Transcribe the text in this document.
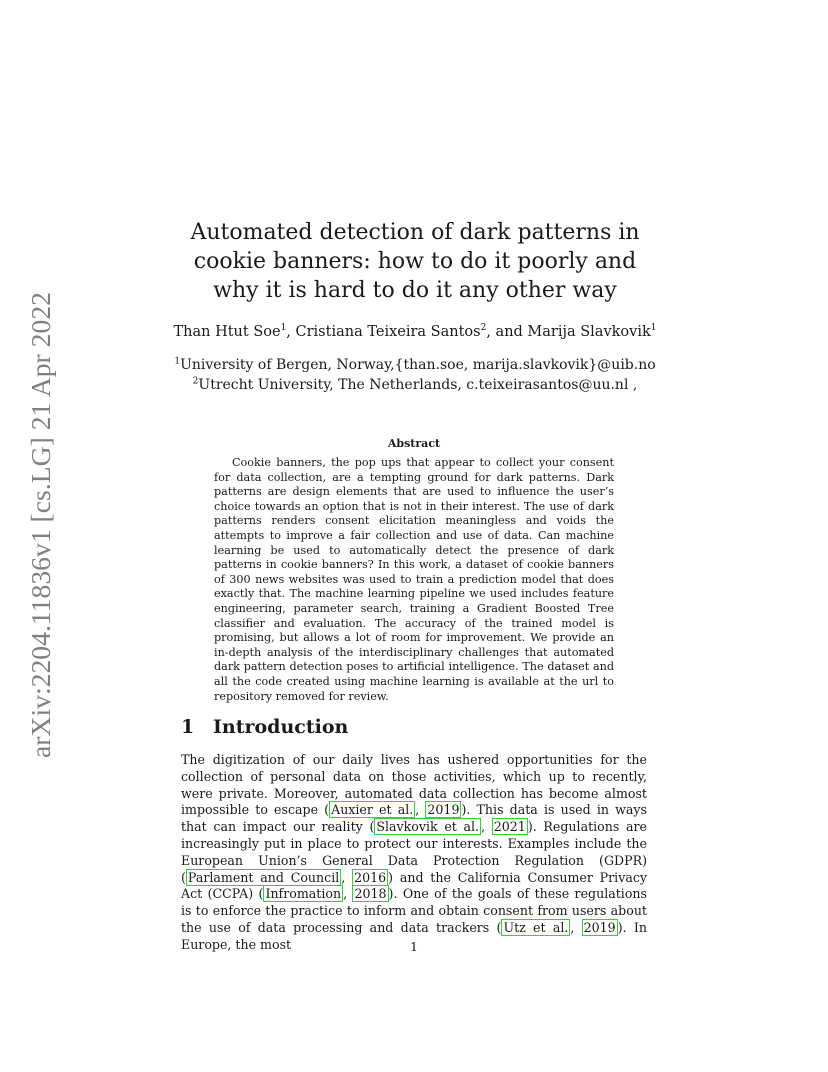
arXiv:2204.11836v1 [cs.LG] 21 Apr 2022
Automated detection of dark patterns in cookie banners: how to do it poorly and why it is hard to do it any other way
Than Htut Soe$^1$, Cristiana Teixeira Santos$^2$, and Marija Slavkovik$^1$
$^1$University of Bergen, Norway,{than.soe, marija.slavkovik}@uib.no
$^2$Utrecht University, The Netherlands, c.teixeirasantos@uu.nl ,
Abstract

Cookie banners, the pop ups that appear to collect your consent for data collection, are a tempting ground for dark patterns. Dark patterns are design elements that are used to influence the user’s choice towards an option that is not in their interest. The use of dark patterns renders consent elicitation meaningless and voids the attempts to improve a fair collection and use of data. Can machine learning be used to automatically detect the presence of dark patterns in cookie banners? In this work, a dataset of cookie banners of 300 news websites was used to train a prediction model that does exactly that. The machine learning pipeline we used includes feature engineering, parameter search, training a Gradient Boosted Tree classifier and evaluation. The accuracy of the trained model is promising, but allows a lot of room for improvement. We provide an in-depth analysis of the interdisciplinary challenges that automated dark pattern detection poses to artificial intelligence. The dataset and all the code created using machine learning is available at the url to repository removed for review.

1 Introduction

The digitization of our daily lives has ushered opportunities for the collection of personal data on those activities, which up to recently, were private. Moreover, automated data collection has become almost impossible to escape ( Auxier et al. , 2019 ). This data is used in ways that can impact our reality ( Slavkovik et al. , 2021 ). Regulations are increasingly put in place to protect our interests. Examples include the European Union’s General Data Protection Regulation (GDPR) ( Parlament and Council , 2016 ) and the California Consumer Privacy Act (CCPA) ( Infromation , 2018 ). One of the goals of these regulations is to enforce the practice to inform and obtain consent from users about the use of data processing and data trackers ( Utz et al. , 2019 ). In Europe, the most	1
